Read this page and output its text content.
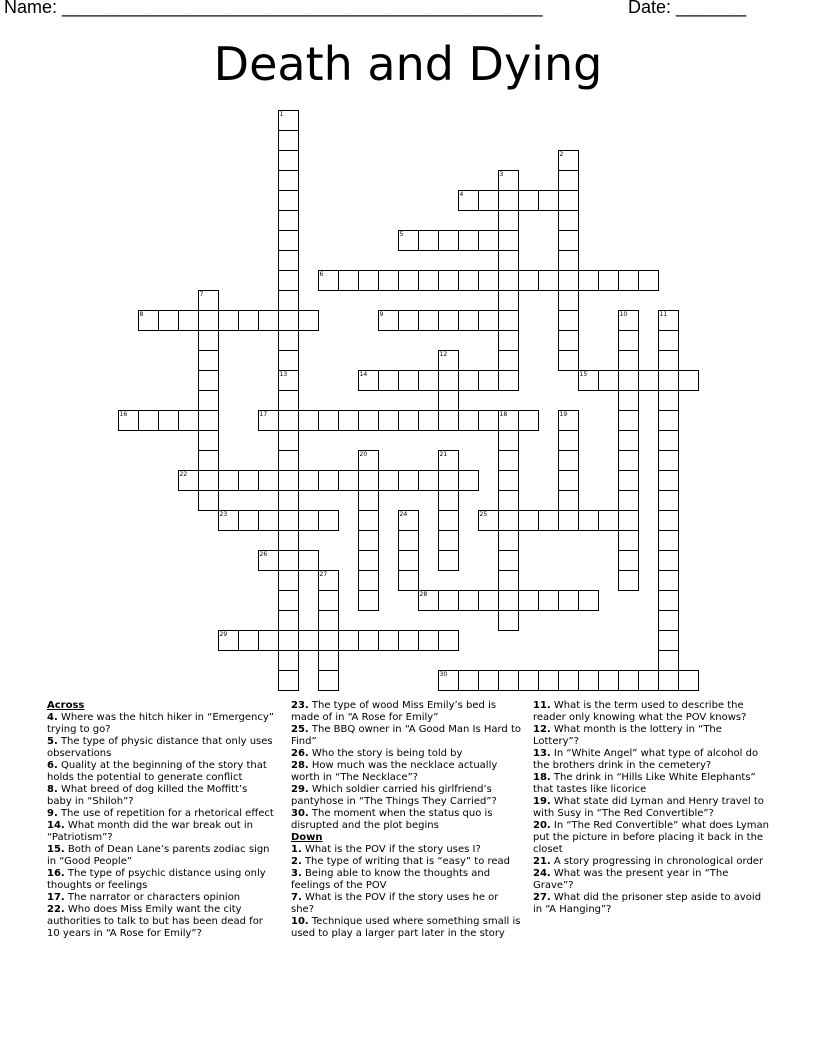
Name: ________________________________________________	Date: _______
Death and Dying
1
13
2
3
4
5
6
7
8	9	10	11
12
14	15
16	17	18	19
20	21
22
23	24	25
26
27
28
29
30
Across
4. Where was the hitch hiker in “Emergency” trying to go?
5. The type of physic distance that only uses observations
6. Quality at the beginning of the story that holds the potential to generate conflict
8. What breed of dog killed the Moffitt’s baby in “Shiloh”?
9. The use of repetition for a rhetorical effect
14. What month did the war break out in “Patriotism”?
15. Both of Dean Lane’s parents zodiac sign in “Good People”
16. The type of psychic distance using only thoughts or feelings
17. The narrator or characters opinion
22. Who does Miss Emily want the city authorities to talk to but has been dead for 10 years in “A Rose for Emily”?
23. The type of wood Miss Emily’s bed is made of in “A Rose for Emily”
25. The BBQ owner in “A Good Man Is Hard to Find”
26. Who the story is being told by
28. How much was the necklace actually worth in “The Necklace”?
29. Which soldier carried his girlfriend’s pantyhose in “The Things They Carried”?
30. The moment when the status quo is disrupted and the plot begins
Down
1. What is the POV if the story uses I?
2. The type of writing that is “easy” to read
3. Being able to know the thoughts and feelings of the POV
7. What is the POV if the story uses he or she?
10. Technique used where something small is used to play a larger part later in the story
11. What is the term used to describe the reader only knowing what the POV knows?
12. What month is the lottery in “The Lottery”?
13. In “White Angel” what type of alcohol do the brothers drink in the cemetery?
18. The drink in “Hills Like White Elephants” that tastes like licorice
19. What state did Lyman and Henry travel to with Susy in “The Red Convertible”?
20. In “The Red Convertible” what does Lyman put the picture in before placing it back in the closet
21. A story progressing in chronological order
24. What was the present year in “The Grave”?
27. What did the prisoner step aside to avoid in “A Hanging”?
